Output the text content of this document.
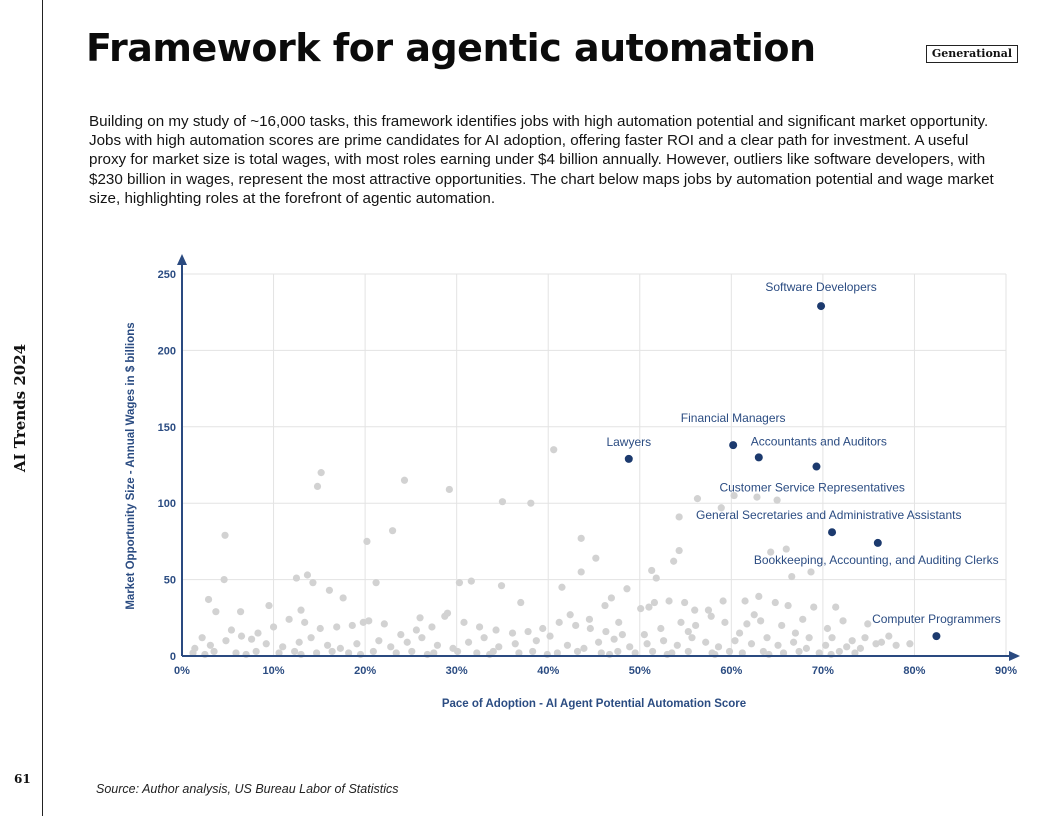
AI Trends 2024
61
Framework for agentic automation	Generational

Building on my study of ~16,000 tasks, this framework identifies jobs with high automation potential and significant market opportunity. Jobs with high automation scores are prime candidates for AI adoption, offering faster ROI and a clear path for investment. A useful proxy for market size is total wages, with most roles earning under $4 billion annually. However, outliers like software developers, with $230 billion in wages, represent the most attractive opportunities. The chart below maps jobs by automation potential and wage market size, highlighting roles at the forefront of agentic automation.

0%	10%	20%	30%	40%	50%	60%	70%	80%	90%
0
50
100
150
200
250
Software Developers
Lawyers
Financial Managers
Accountants and Auditors
Customer Service Representatives
General Secretaries and Administrative Assistants
Bookkeeping, Accounting, and Auditing Clerks
Computer Programmers
Pace of Adoption - AI Agent Potential Automation Score
Market Opportunity Size - Annual Wages in $ billions
Source: Author analysis, US Bureau Labor of Statistics
